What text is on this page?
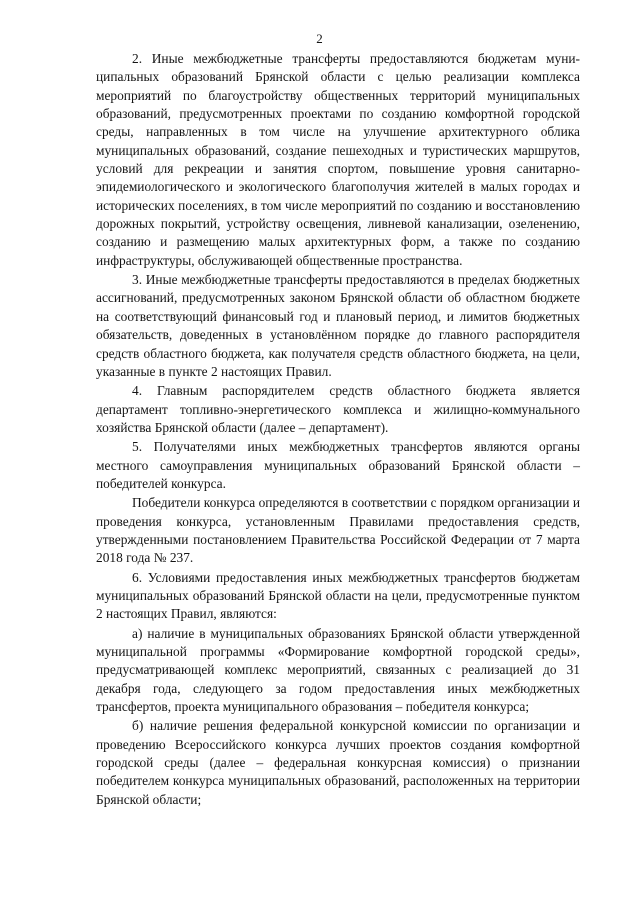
2

2. Иные межбюджетные трансферты предоставляются бюджетам муниципальных образований Брянской области с целью реализации комплекса мероприятий по благоустройству общественных территорий муниципальных образований, предусмотренных проектами по созданию комфортной городской среды, направленных в том числе на улучшение архитектурного облика муниципальных образований, создание пешеходных и туристических маршрутов, условий для рекреации и занятия спортом, повышение уровня санитарно-эпидемиологического и экологического благополучия жителей в малых городах и исторических поселениях, в том числе мероприятий по созданию и восстановлению дорожных покрытий, устройству освещения, ливневой канализации, озеленению, созданию и размещению малых архитектурных форм, а также по созданию инфраструктуры, обслуживающей общественные пространства.

3. Иные межбюджетные трансферты предоставляются в пределах бюджетных ассигнований, предусмотренных законом Брянской области об областном бюджете на соответствующий финансовый год и плановый период, и лимитов бюджетных обязательств, доведенных в установлённом порядке до главного распорядителя средств областного бюджета, как получателя средств областного бюджета, на цели, указанные в пункте 2 настоящих Правил.

4. Главным распорядителем средств областного бюджета является департамент топливно-энергетического комплекса и жилищно-коммунального хозяйства Брянской области (далее – департамент).

5. Получателями иных межбюджетных трансфертов являются органы местного самоуправления муниципальных образований Брянской области – победителей конкурса.

Победители конкурса определяются в соответствии с порядком организации и проведения конкурса, установленным Правилами предоставления средств, утвержденными постановлением Правительства Российской Федерации от 7 марта 2018 года № 237.

6. Условиями предоставления иных межбюджетных трансфертов бюджетам муниципальных образований Брянской области на цели, предусмотренные пунктом 2 настоящих Правил, являются:

а) наличие в муниципальных образованиях Брянской области утвержденной муниципальной программы «Формирование комфортной городской среды», предусматривающей комплекс мероприятий, связанных с реализацией до 31 декабря года, следующего за годом предоставления иных межбюджетных трансфертов, проекта муниципального образования – победителя конкурса;

б) наличие решения федеральной конкурсной комиссии по организации и проведению Всероссийского конкурса лучших проектов создания комфортной городской среды (далее – федеральная конкурсная комиссия) о признании победителем конкурса муниципальных образований, расположенных на территории Брянской области;
